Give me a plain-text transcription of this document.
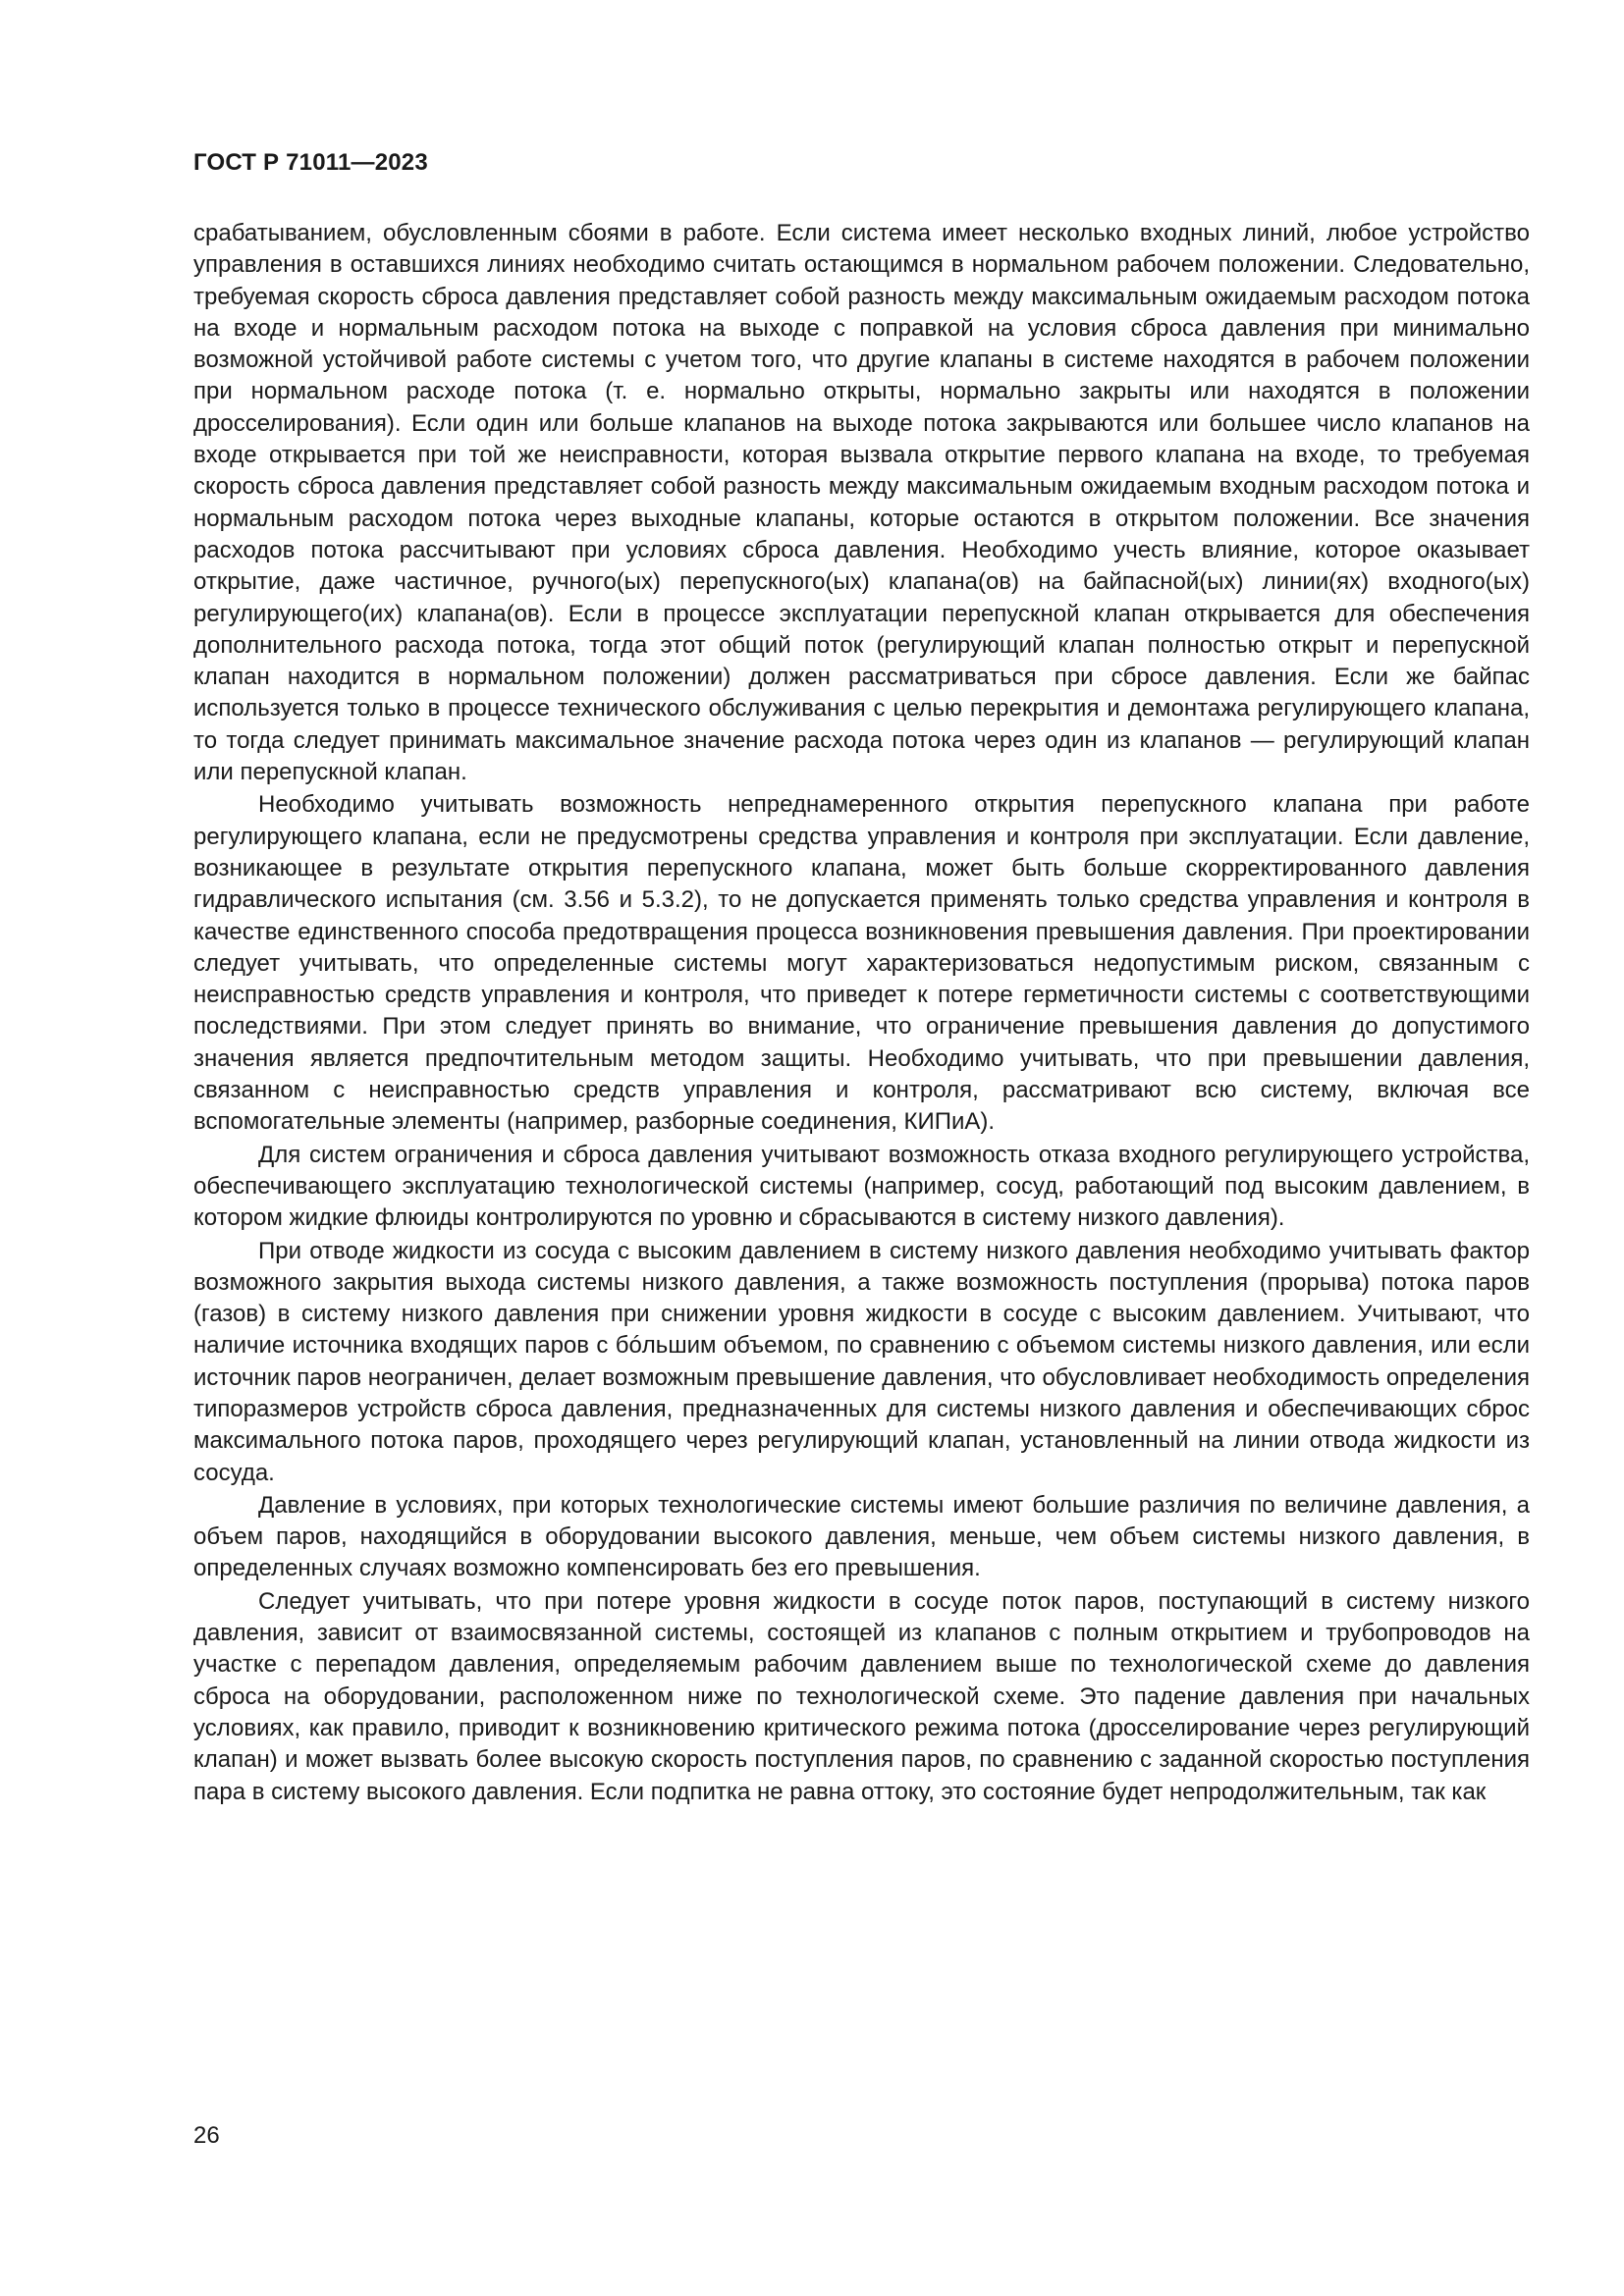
ГОСТ Р 71011—2023

срабатыванием, обусловленным сбоями в работе. Если система имеет несколько входных линий, любое устройство управления в оставшихся линиях необходимо считать остающимся в нормальном рабочем положении. Следовательно, требуемая скорость сброса давления представляет собой разность между максимальным ожидаемым расходом потока на входе и нормальным расходом потока на выходе с поправкой на условия сброса давления при минимально возможной устойчивой работе системы с учетом того, что другие клапаны в системе находятся в рабочем положении при нормальном расходе потока (т. е. нормально открыты, нормально закрыты или находятся в положении дросселирования). Если один или больше клапанов на выходе потока закрываются или большее число клапанов на входе открывается при той же неисправности, которая вызвала открытие первого клапана на входе, то требуемая скорость сброса давления представляет собой разность между максимальным ожидаемым входным расходом потока и нормальным расходом потока через выходные клапаны, которые остаются в открытом положении. Все значения расходов потока рассчитывают при условиях сброса давления. Необходимо учесть влияние, которое оказывает открытие, даже частичное, ручного(ых) перепускного(ых) клапана(ов) на байпасной(ых) линии(ях) входного(ых) регулирующего(их) клапана(ов). Если в процессе эксплуатации перепускной клапан открывается для обеспечения дополнительного расхода потока, тогда этот общий поток (регулирующий клапан полностью открыт и перепускной клапан находится в нормальном положении) должен рассматриваться при сбросе давления. Если же байпас используется только в процессе технического обслуживания с целью перекрытия и демонтажа регулирующего клапана, то тогда следует принимать максимальное значение расхода потока через один из клапанов — регулирующий клапан или перепускной клапан.

Необходимо учитывать возможность непреднамеренного открытия перепускного клапана при работе регулирующего клапана, если не предусмотрены средства управления и контроля при эксплуатации. Если давление, возникающее в результате открытия перепускного клапана, может быть больше скорректированного давления гидравлического испытания (см. 3.56 и 5.3.2), то не допускается применять только средства управления и контроля в качестве единственного способа предотвращения процесса возникновения превышения давления. При проектировании следует учитывать, что определенные системы могут характеризоваться недопустимым риском, связанным с неисправностью средств управления и контроля, что приведет к потере герметичности системы с соответствующими последствиями. При этом следует принять во внимание, что ограничение превышения давления до допустимого значения является предпочтительным методом защиты. Необходимо учитывать, что при превышении давления, связанном с неисправностью средств управления и контроля, рассматривают всю систему, включая все вспомогательные элементы (например, разборные соединения, КИПиА).

Для систем ограничения и сброса давления учитывают возможность отказа входного регулирующего устройства, обеспечивающего эксплуатацию технологической системы (например, сосуд, работающий под высоким давлением, в котором жидкие флюиды контролируются по уровню и сбрасываются в систему низкого давления).

При отводе жидкости из сосуда с высоким давлением в систему низкого давления необходимо учитывать фактор возможного закрытия выхода системы низкого давления, а также возможность поступления (прорыва) потока паров (газов) в систему низкого давления при снижении уровня жидкости в сосуде с высоким давлением. Учитывают, что наличие источника входящих паров с бóльшим объемом, по сравнению с объемом системы низкого давления, или если источник паров неограничен, делает возможным превышение давления, что обусловливает необходимость определения типоразмеров устройств сброса давления, предназначенных для системы низкого давления и обеспечивающих сброс максимального потока паров, проходящего через регулирующий клапан, установленный на линии отвода жидкости из сосуда.

Давление в условиях, при которых технологические системы имеют большие различия по величине давления, а объем паров, находящийся в оборудовании высокого давления, меньше, чем объем системы низкого давления, в определенных случаях возможно компенсировать без его превышения.

Следует учитывать, что при потере уровня жидкости в сосуде поток паров, поступающий в систему низкого давления, зависит от взаимосвязанной системы, состоящей из клапанов с полным открытием и трубопроводов на участке с перепадом давления, определяемым рабочим давлением выше по технологической схеме до давления сброса на оборудовании, расположенном ниже по технологической схеме. Это падение давления при начальных условиях, как правило, приводит к возникновению критического режима потока (дросселирование через регулирующий клапан) и может вызвать более высокую скорость поступления паров, по сравнению с заданной скоростью поступления пара в систему высокого давления. Если подпитка не равна оттоку, это состояние будет непродолжительным, так как

26
